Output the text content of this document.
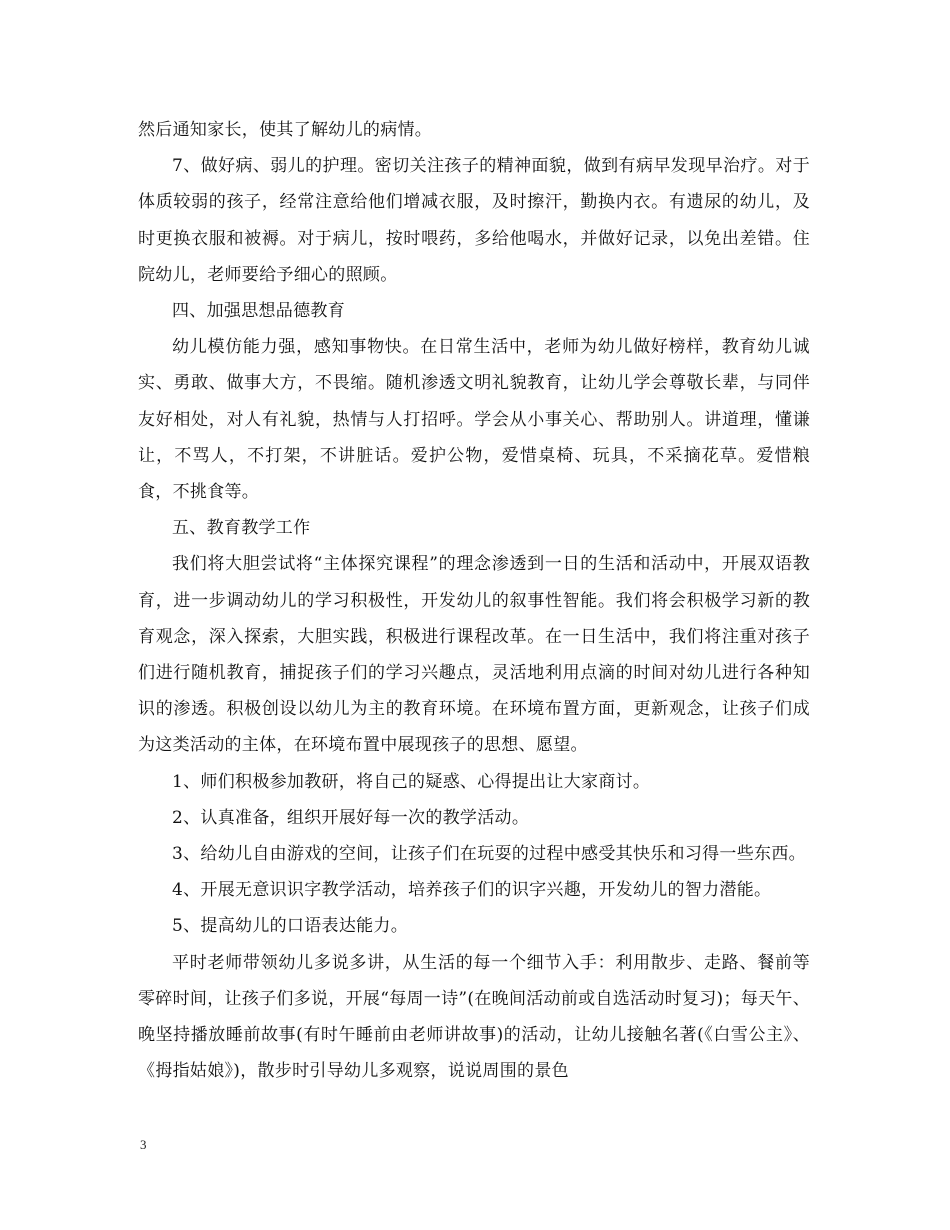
然后通知家长，使其了解幼儿的病情。

7、做好病、弱儿的护理。密切关注孩子的精神面貌，做到有病早发现早治疗。对于体质较弱的孩子，经常注意给他们增减衣服，及时擦汗，勤换内衣。有遗尿的幼儿，及时更换衣服和被褥。对于病儿，按时喂药，多给他喝水，并做好记录，以免出差错。住院幼儿，老师要给予细心的照顾。

四、加强思想品德教育

幼儿模仿能力强，感知事物快。在日常生活中，老师为幼儿做好榜样，教育幼儿诚实、勇敢、做事大方，不畏缩。随机渗透文明礼貌教育，让幼儿学会尊敬长辈，与同伴友好相处，对人有礼貌，热情与人打招呼。学会从小事关心、帮助别人。讲道理，懂谦让，不骂人，不打架，不讲脏话。爱护公物，爱惜桌椅、玩具，不采摘花草。爱惜粮食，不挑食等。

五、教育教学工作

我们将大胆尝试将“主体探究课程”的理念渗透到一日的生活和活动中，开展双语教育，进一步调动幼儿的学习积极性，开发幼儿的叙事性智能。我们将会积极学习新的教育观念，深入探索，大胆实践，积极进行课程改革。在一日生活中，我们将注重对孩子们进行随机教育，捕捉孩子们的学习兴趣点，灵活地利用点滴的时间对幼儿进行各种知识的渗透。积极创设以幼儿为主的教育环境。在环境布置方面，更新观念，让孩子们成为这类活动的主体，在环境布置中展现孩子的思想、愿望。

1、师们积极参加教研，将自己的疑惑、心得提出让大家商讨。

2、认真准备，组织开展好每一次的教学活动。

3、给幼儿自由游戏的空间，让孩子们在玩耍的过程中感受其快乐和习得一些东西。

4、开展无意识识字教学活动，培养孩子们的识字兴趣，开发幼儿的智力潜能。

5、提高幼儿的口语表达能力。

平时老师带领幼儿多说多讲，从生活的每一个细节入手：利用散步、走路、餐前等零碎时间，让孩子们多说，开展“每周一诗”(在晚间活动前或自选活动时复习)；每天午、晚坚持播放睡前故事(有时午睡前由老师讲故事)的活动，让幼儿接触名著(《白雪公主》、《拇指姑娘》)，散步时引导幼儿多观察，说说周围的景色

3
